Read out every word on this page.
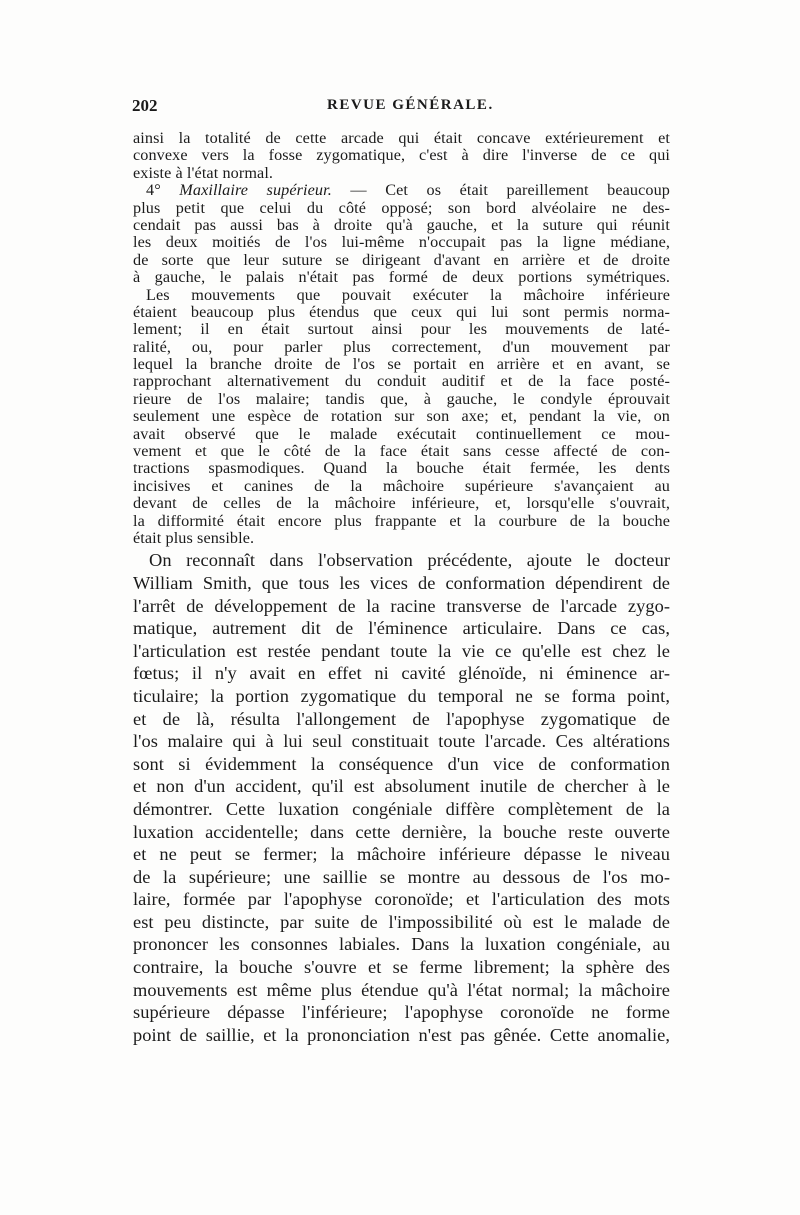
202	REVUE GÉNÉRALE.
ainsi la totalité de cette arcade qui était concave extérieurement et
convexe vers la fosse zygomatique, c'est à dire l'inverse de ce qui
existe à l'état normal.
4° Maxillaire supérieur. — Cet os était pareillement beaucoup
plus petit que celui du côté opposé; son bord alvéolaire ne des-
cendait pas aussi bas à droite qu'à gauche, et la suture qui réunit
les deux moitiés de l'os lui-même n'occupait pas la ligne médiane,
de sorte que leur suture se dirigeant d'avant en arrière et de droite
à gauche, le palais n'était pas formé de deux portions symétriques.
Les mouvements que pouvait exécuter la mâchoire inférieure
étaient beaucoup plus étendus que ceux qui lui sont permis norma-
lement; il en était surtout ainsi pour les mouvements de laté-
ralité, ou, pour parler plus correctement, d'un mouvement par
lequel la branche droite de l'os se portait en arrière et en avant, se
rapprochant alternativement du conduit auditif et de la face posté-
rieure de l'os malaire; tandis que, à gauche, le condyle éprouvait
seulement une espèce de rotation sur son axe; et, pendant la vie, on
avait observé que le malade exécutait continuellement ce mou-
vement et que le côté de la face était sans cesse affecté de con-
tractions spasmodiques. Quand la bouche était fermée, les dents
incisives et canines de la mâchoire supérieure s'avançaient au
devant de celles de la mâchoire inférieure, et, lorsqu'elle s'ouvrait,
la difformité était encore plus frappante et la courbure de la bouche
était plus sensible.
On reconnaît dans l'observation précédente, ajoute le docteur
William Smith, que tous les vices de conformation dépendirent de
l'arrêt de développement de la racine transverse de l'arcade zygo-
matique, autrement dit de l'éminence articulaire. Dans ce cas,
l'articulation est restée pendant toute la vie ce qu'elle est chez le
fœtus; il n'y avait en effet ni cavité glénoïde, ni éminence ar-
ticulaire; la portion zygomatique du temporal ne se forma point,
et de là, résulta l'allongement de l'apophyse zygomatique de
l'os malaire qui à lui seul constituait toute l'arcade. Ces altérations
sont si évidemment la conséquence d'un vice de conformation
et non d'un accident, qu'il est absolument inutile de chercher à le
démontrer. Cette luxation congéniale diffère complètement de la
luxation accidentelle; dans cette dernière, la bouche reste ouverte
et ne peut se fermer; la mâchoire inférieure dépasse le niveau
de la supérieure; une saillie se montre au dessous de l'os mo-
laire, formée par l'apophyse coronoïde; et l'articulation des mots
est peu distincte, par suite de l'impossibilité où est le malade de
prononcer les consonnes labiales. Dans la luxation congéniale, au
contraire, la bouche s'ouvre et se ferme librement; la sphère des
mouvements est même plus étendue qu'à l'état normal; la mâchoire
supérieure dépasse l'inférieure; l'apophyse coronoïde ne forme
point de saillie, et la prononciation n'est pas gênée. Cette anomalie,
